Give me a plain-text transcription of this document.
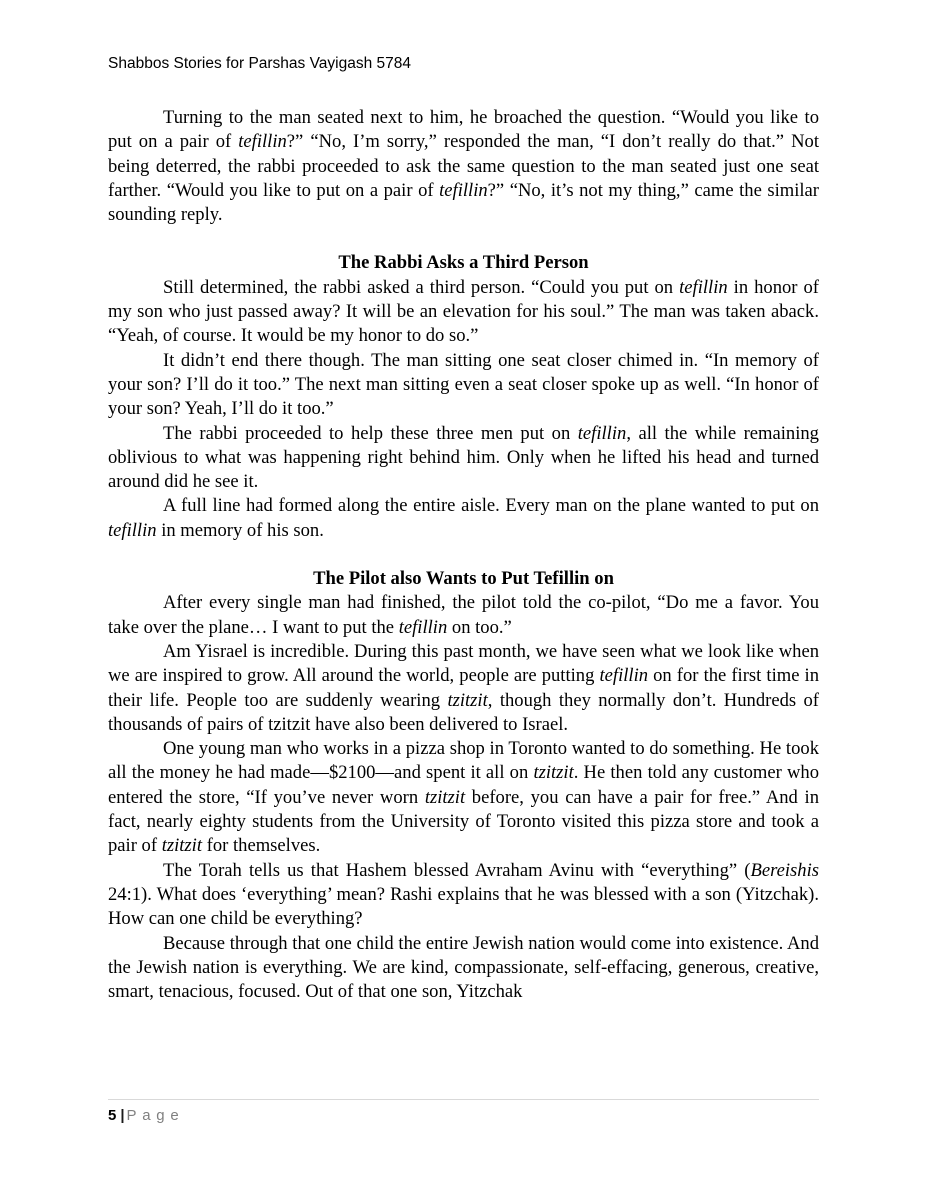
Shabbos Stories for Parshas Vayigash 5784

Turning to the man seated next to him, he broached the question. “Would you like to put on a pair of tefillin?” “No, I’m sorry,” responded the man, “I don’t really do that.” Not being deterred, the rabbi proceeded to ask the same question to the man seated just one seat farther. “Would you like to put on a pair of tefillin?” “No, it’s not my thing,” came the similar sounding reply.

The Rabbi Asks a Third Person

Still determined, the rabbi asked a third person. “Could you put on tefillin in honor of my son who just passed away? It will be an elevation for his soul.” The man was taken aback. “Yeah, of course. It would be my honor to do so.”

It didn’t end there though. The man sitting one seat closer chimed in. “In memory of your son? I’ll do it too.” The next man sitting even a seat closer spoke up as well. “In honor of your son? Yeah, I’ll do it too.”

The rabbi proceeded to help these three men put on tefillin, all the while remaining oblivious to what was happening right behind him. Only when he lifted his head and turned around did he see it.

A full line had formed along the entire aisle. Every man on the plane wanted to put on tefillin in memory of his son.

The Pilot also Wants to Put Tefillin on

After every single man had finished, the pilot told the co-pilot, “Do me a favor. You take over the plane… I want to put the tefillin on too.”

Am Yisrael is incredible. During this past month, we have seen what we look like when we are inspired to grow. All around the world, people are putting tefillin on for the first time in their life. People too are suddenly wearing tzitzit, though they normally don’t. Hundreds of thousands of pairs of tzitzit have also been delivered to Israel.

One young man who works in a pizza shop in Toronto wanted to do something. He took all the money he had made—$2100—and spent it all on tzitzit. He then told any customer who entered the store, “If you’ve never worn tzitzit before, you can have a pair for free.” And in fact, nearly eighty students from the University of Toronto visited this pizza store and took a pair of tzitzit for themselves.

The Torah tells us that Hashem blessed Avraham Avinu with “everything” (Bereishis 24:1). What does ‘everything’ mean? Rashi explains that he was blessed with a son (Yitzchak). How can one child be everything?

Because through that one child the entire Jewish nation would come into existence. And the Jewish nation is everything. We are kind, compassionate, self-effacing, generous, creative, smart, tenacious, focused. Out of that one son, Yitzchak

5 | Page
